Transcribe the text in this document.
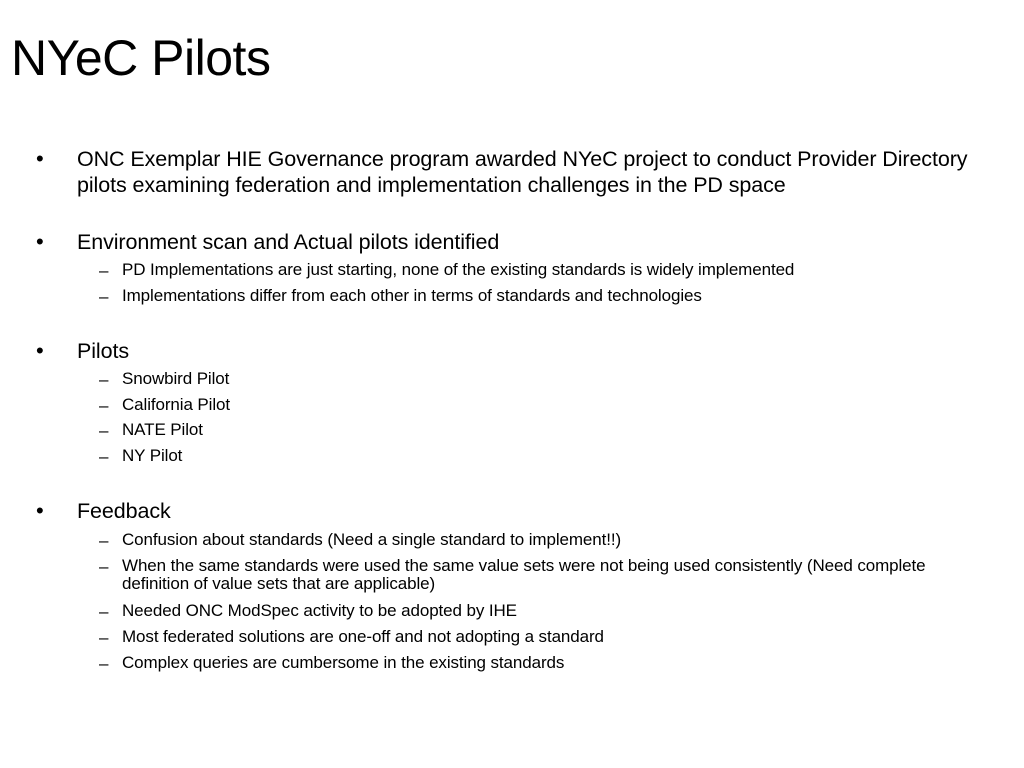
NYeC Pilots
• ONC Exemplar HIE Governance program awarded NYeC project to conduct Provider Directory pilots examining federation and implementation challenges in the PD space
• Environment scan and Actual pilots identified
– PD Implementations are just starting, none of the existing standards is widely implemented
– Implementations differ from each other in terms of standards and technologies
• Pilots
– Snowbird Pilot
– California Pilot
– NATE Pilot
– NY Pilot
• Feedback
– Confusion about standards (Need a single standard to implement!!)
– When the same standards were used the same value sets were not being used consistently (Need complete definition of value sets that are applicable)
– Needed ONC ModSpec activity to be adopted by IHE
– Most federated solutions are one-off and not adopting a standard
– Complex queries are cumbersome in the existing standards
